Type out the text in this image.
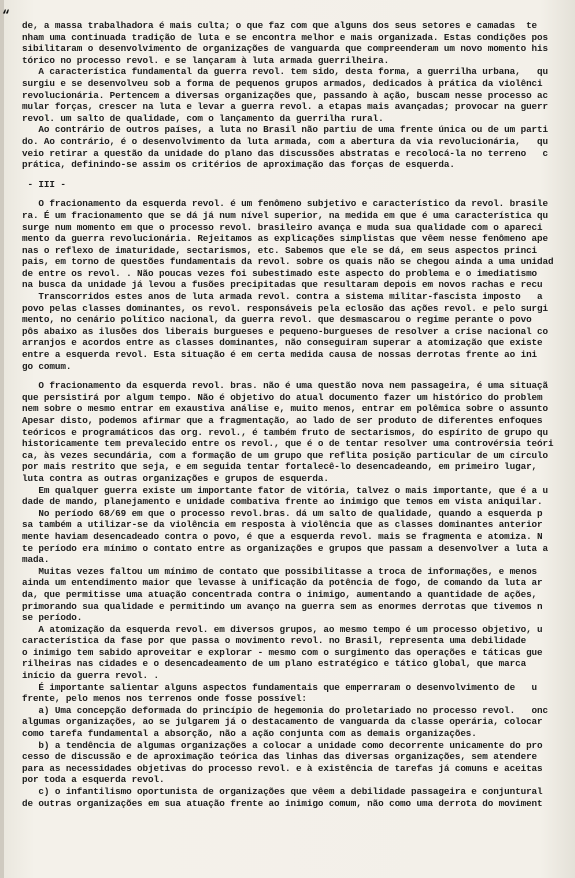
“
de, a massa trabalhadora é mais culta; o que faz com que alguns dos seus setores e camadas  te
nham uma continuada tradição de luta e se encontra melhor e mais organizada. Estas condições pos
sibilitaram o desenvolvimento de organizações de vanguarda que compreenderam um novo momento his
tórico no processo revol. e se lançaram à luta armada guerrilheira.
A característica fundamental da guerra revol. tem sido, desta forma, a guerrilha urbana,   qu
surgiu e se desenvolveu sob a forma de pequenos grupos armados, dedicados à prática da violênci
revolucionária. Pertencem a diversas organizações que, passando à ação, buscam nesse processo ac
mular forças, crescer na luta e levar a guerra revol. a etapas mais avançadas; provocar na guerr
revol. um salto de qualidade, com o lançamento da guerrilha rural.
Ao contrário de outros países, a luta no Brasil não partiu de uma frente única ou de um parti
do. Ao contrário, é o desenvolvimento da luta armada, com a abertura da via revolucionária,   qu
veio retirar a questão da unidade do plano das discussões abstratas e recolocá-la no terreno   c
prática, definindo-se assim os critérios de aproximação das forças de esquerda.
- III -
O fracionamento da esquerda revol. é um fenômeno subjetivo e característico da revol. brasile
ra. É um fracionamento que se dá já num nível superior, na medida em que é uma característica qu
surge num momento em que o processo revol. brasileiro avança e muda sua qualidade com o apareci
mento da guerra revolucionária. Rejeitamos as explicações simplistas que vêem nesse fenômeno ape
nas o reflexo de imaturidade, sectarismos, etc. Sabemos que ele se dá, em seus aspectos princi
pais, em torno de questões fundamentais da revol. sobre os quais não se chegou ainda a uma unidad
de entre os revol. . Não poucas vezes foi subestimado este aspecto do problema e o imediatismo
na busca da unidade já levou a fusões precipitadas que resultaram depois em novos rachas e recu
Transcorridos estes anos de luta armada revol. contra a sistema militar-fascista imposto   a
povo pelas classes dominantes, os revol. responsáveis pela eclosão das ações revol. e pelo surgi
mento, no cenário político nacional, da guerra revol. que desmascarou o regime perante o povo
pôs abaixo as ilusões dos liberais burgueses e pequeno-burgueses de resolver a crise nacional co
arranjos e acordos entre as classes dominantes, não conseguiram superar a atomização que existe
entre a esquerda revol. Esta situação é em certa medida causa de nossas derrotas frente ao ini
go comum.
O fracionamento da esquerda revol. bras. não é uma questão nova nem passageira, é uma situaçã
que persistirá por algum tempo. Não é objetivo do atual documento fazer um histórico do problem
nem sobre o mesmo entrar em exaustiva análise e, muito menos, entrar em polêmica sobre o assunto
Apesar disto, podemos afirmar que a fragmentação, ao lado de ser produto de diferentes enfoques
teóricos e programáticos das org. revol., é também fruto de sectarismos, do espírito de grupo qu
historicamente tem prevalecido entre os revol., que é o de tentar resolver uma controvérsia teóri
ca, às vezes secundária, com a formação de um grupo que reflita posição particular de um círculo
por mais restrito que seja, e em seguida tentar fortalecê-lo desencadeando, em primeiro lugar,
luta contra as outras organizações e grupos de esquerda.
Em qualquer guerra existe um importante fator de vitória, talvez o mais importante, que é a u
dade de mando, planejamento e unidade combativa frente ao inimigo que temos em vista aniquilar.
No período 68/69 em que o processo revol.bras. dá um salto de qualidade, quando a esquerda p
sa também a utilizar-se da violência em resposta à violência que as classes dominantes anterior
mente haviam desencadeado contra o povo, é que a esquerda revol. mais se fragmenta e atomiza. N
te período era mínimo o contato entre as organizações e grupos que passam a desenvolver a luta a
mada.
Muitas vezes faltou um mínimo de contato que possibilitasse a troca de informações, e menos
ainda um entendimento maior que levasse à unificação da potência de fogo, de comando da luta ar
da, que permitisse uma atuação concentrada contra o inimigo, aumentando a quantidade de ações,
primorando sua qualidade e permitindo um avanço na guerra sem as enormes derrotas que tivemos n
se período.
A atomização da esquerda revol. em diversos grupos, ao mesmo tempo é um processo objetivo, u
característica da fase por que passa o movimento revol. no Brasil, representa uma debilidade
o inimigo tem sabido aproveitar e explorar - mesmo com o surgimento das operações e táticas gue
rilheiras nas cidades e o desencadeamento de um plano estratégico e tático global, que marca
início da guerra revol. .
É importante salientar alguns aspectos fundamentais que emperraram o desenvolvimento de   u
frente, pelo menos nos terrenos onde fosse possível:
a) Uma concepção deformada do princípio de hegemonia do proletariado no processo revol.   onc
algumas organizações, ao se julgarem já o destacamento de vanguarda da classe operária, colocar
como tarefa fundamental a absorção, não a ação conjunta com as demais organizações.
b) a tendência de algumas organizações a colocar a unidade como decorrente unicamente do pro
cesso de discussão e de aproximação teórica das linhas das diversas organizações, sem atendere
para as necessidades objetivas do processo revol. e à existência de tarefas já comuns e aceitas
por toda a esquerda revol.
c) o infantilismo oportunista de organizações que vêem a debilidade passageira e conjuntural
de outras organizações em sua atuação frente ao inimigo comum, não como uma derrota do moviment
